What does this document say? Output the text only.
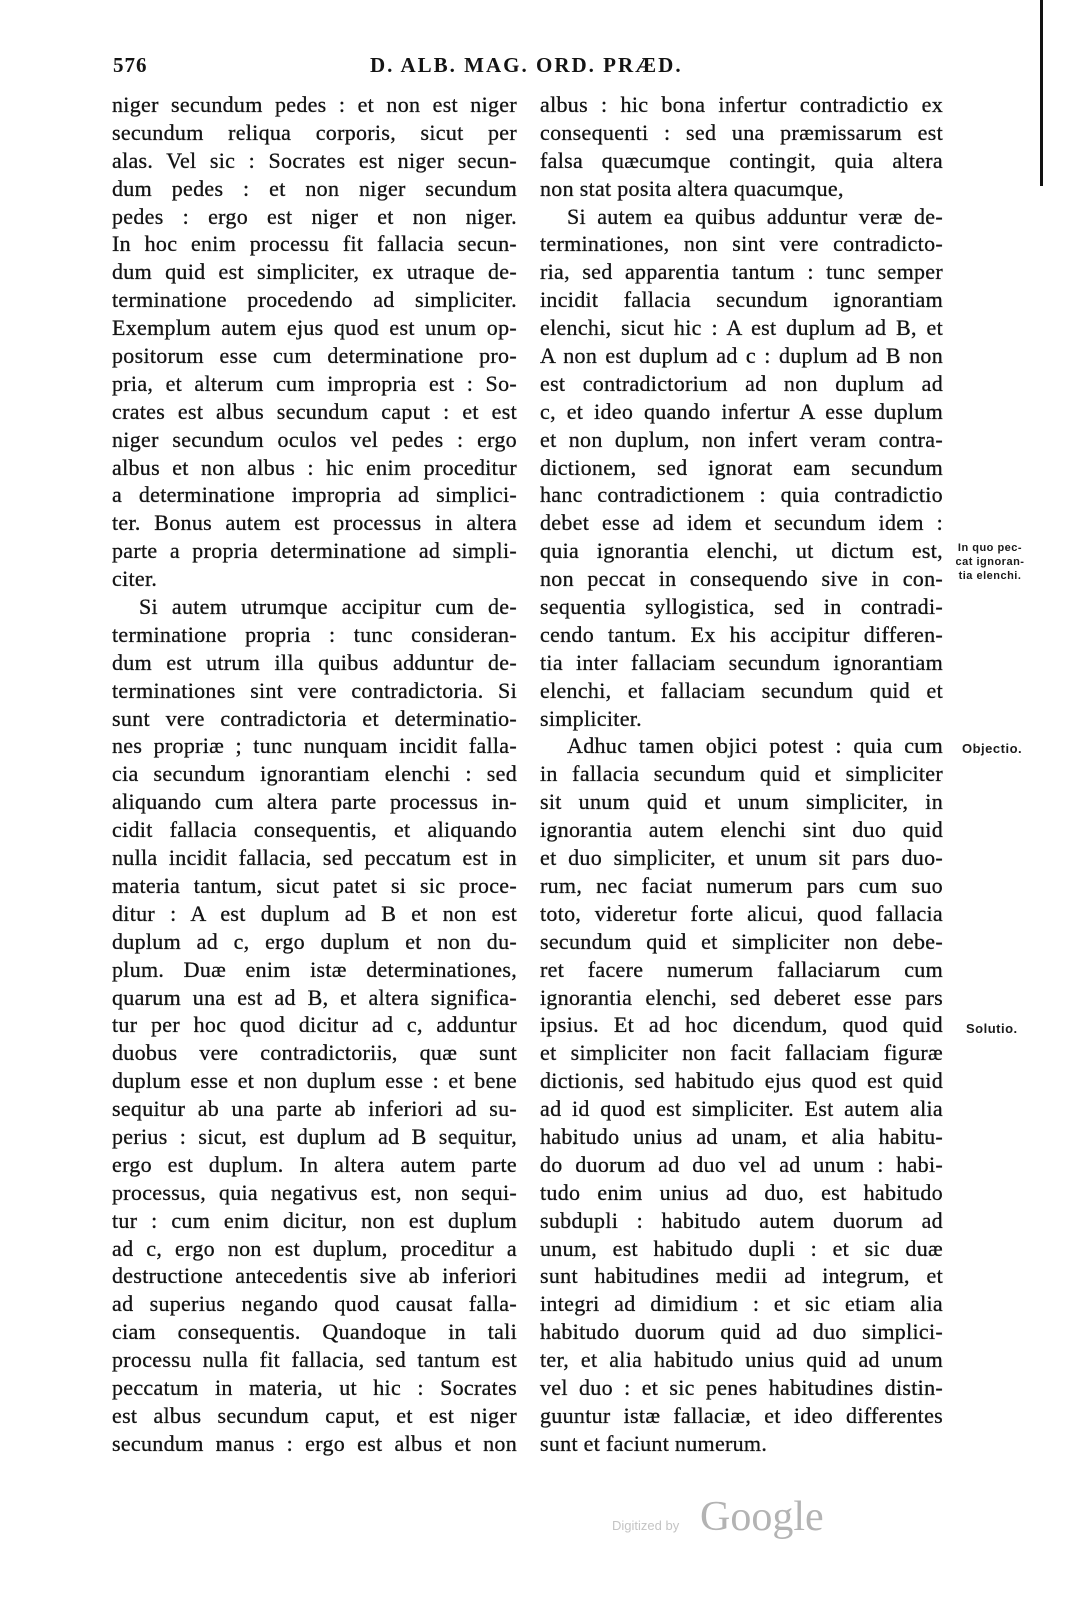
576	D. ALB. MAG. ORD. PRÆD.
niger secundum pedes : et non est niger
secundum reliqua corporis, sicut per
alas. Vel sic : Socrates est niger secun-
dum pedes : et non niger secundum
pedes : ergo est niger et non niger.
In hoc enim processu fit fallacia secun-
dum quid est simpliciter, ex utraque de-
terminatione procedendo ad simpliciter.
Exemplum autem ejus quod est unum op-
positorum esse cum determinatione pro-
pria, et alterum cum impropria est : So-
crates est albus secundum caput : et est
niger secundum oculos vel pedes : ergo
albus et non albus : hic enim proceditur
a determinatione impropria ad simplici-
ter. Bonus autem est processus in altera
parte a propria determinatione ad simpli-
citer.
Si autem utrumque accipitur cum de-
terminatione propria : tunc consideran-
dum est utrum illa quibus adduntur de-
terminationes sint vere contradictoria. Si
sunt vere contradictoria et determinatio-
nes propriæ ; tunc nunquam incidit falla-
cia secundum ignorantiam elenchi : sed
aliquando cum altera parte processus in-
cidit fallacia consequentis, et aliquando
nulla incidit fallacia, sed peccatum est in
materia tantum, sicut patet si sic proce-
ditur : A est duplum ad B et non est
duplum ad c, ergo duplum et non du-
plum. Duæ enim istæ determinationes,
quarum una est ad B, et altera significa-
tur per hoc quod dicitur ad c, adduntur
duobus vere contradictoriis, quæ sunt
duplum esse et non duplum esse : et bene
sequitur ab una parte ab inferiori ad su-
perius : sicut, est duplum ad B sequitur,
ergo est duplum. In altera autem parte
processus, quia negativus est, non sequi-
tur : cum enim dicitur, non est duplum
ad c, ergo non est duplum, proceditur a
destructione antecedentis sive ab inferiori
ad superius negando quod causat falla-
ciam consequentis. Quandoque in tali
processu nulla fit fallacia, sed tantum est
peccatum in materia, ut hic : Socrates
est albus secundum caput, et est niger
secundum manus : ergo est albus et non
albus : hic bona infertur contradictio ex
consequenti : sed una præmissarum est
falsa quæcumque contingit, quia altera
non stat posita altera quacumque,
Si autem ea quibus adduntur veræ de-
terminationes, non sint vere contradicto-
ria, sed apparentia tantum : tunc semper
incidit fallacia secundum ignorantiam
elenchi, sicut hic : A est duplum ad B, et
A non est duplum ad c : duplum ad B non
est contradictorium ad non duplum ad
c, et ideo quando infertur A esse duplum
et non duplum, non infert veram contra-
dictionem, sed ignorat eam secundum
hanc contradictionem : quia contradictio
debet esse ad idem et secundum idem :
quia ignorantia elenchi, ut dictum est,
non peccat in consequendo sive in con-
sequentia syllogistica, sed in contradi-
cendo tantum. Ex his accipitur differen-
tia inter fallaciam secundum ignorantiam
elenchi, et fallaciam secundum quid et
simpliciter.
Adhuc tamen objici potest : quia cum
in fallacia secundum quid et simpliciter
sit unum quid et unum simpliciter, in
ignorantia autem elenchi sint duo quid
et duo simpliciter, et unum sit pars duo-
rum, nec faciat numerum pars cum suo
toto, videretur forte alicui, quod fallacia
secundum quid et simpliciter non debe-
ret facere numerum fallaciarum cum
ignorantia elenchi, sed deberet esse pars
ipsius. Et ad hoc dicendum, quod quid
et simpliciter non facit fallaciam figuræ
dictionis, sed habitudo ejus quod est quid
ad id quod est simpliciter. Est autem alia
habitudo unius ad unam, et alia habitu-
do duorum ad duo vel ad unum : habi-
tudo enim unius ad duo, est habitudo
subdupli : habitudo autem duorum ad
unum, est habitudo dupli : et sic duæ
sunt habitudines medii ad integrum, et
integri ad dimidium : et sic etiam alia
habitudo duorum quid ad duo simplici-
ter, et alia habitudo unius quid ad unum
vel duo : et sic penes habitudines distin-
guuntur istæ fallaciæ, et ideo differentes
sunt et faciunt numerum.
In quo pec-
cat ignoran-
tia elenchi.
Objectio.
Solutio.
Digitized by Google
